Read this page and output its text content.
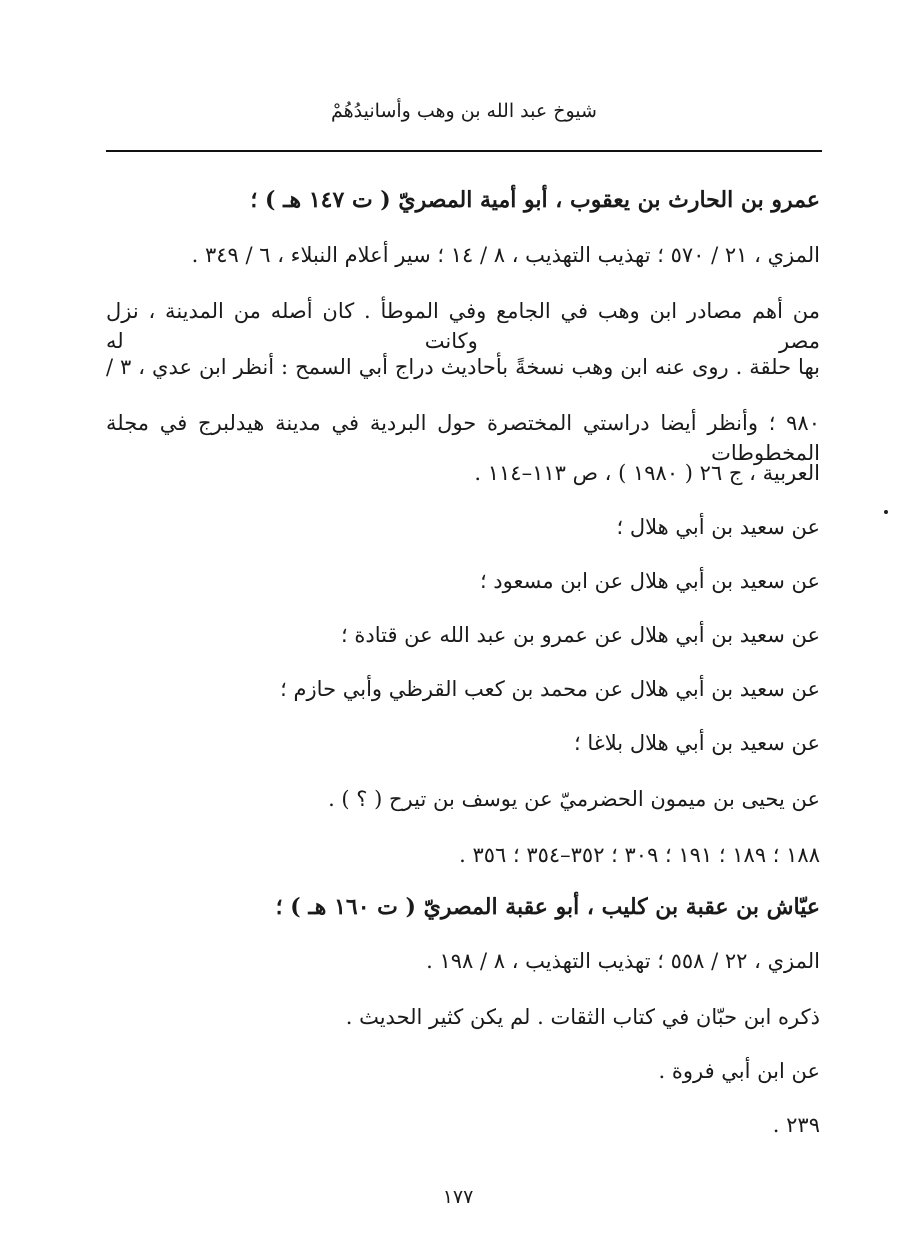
شيوخ عبد الله بن وهب وأسانيدُهُمْ
عمرو بن الحارث بن يعقوب ، أبو أمية المصريّ ( ت ١٤٧ هـ ) ؛
المزي ، ٢١ / ٥٧٠ ؛ تهذيب التهذيب ، ٨ / ١٤ ؛ سير أعلام النبلاء ، ٦ / ٣٤٩ .
من أهم مصادر ابن وهب في الجامع وفي الموطأ . كان أصله من المدينة ، نزل مصر وكانت له
بها حلقة . روى عنه ابن وهب نسخةً بأحاديث دراج أبي السمح : أنظر ابن عدي ، ٣ /
٩٨٠ ؛ وأنظر أيضا دراستي المختصرة حول البردية في مدينة هيدلبرج في مجلة المخطوطات
العربية ، ج ٢٦ ( ١٩٨٠ ) ، ص ١١٣–١١٤ .
عن سعيد بن أبي هلال ؛
عن سعيد بن أبي هلال عن ابن مسعود ؛
عن سعيد بن أبي هلال عن عمرو بن عبد الله عن قتادة ؛
عن سعيد بن أبي هلال عن محمد بن كعب القرظي وأبي حازم ؛
عن سعيد بن أبي هلال بلاغا ؛
عن يحيى بن ميمون الحضرميّ عن يوسف بن تيرح ( ؟ ) .
١٨٨ ؛ ١٨٩ ؛ ١٩١ ؛ ٣٠٩ ؛ ٣٥٢–٣٥٤ ؛ ٣٥٦ .
عيّاش بن عقبة بن كليب ، أبو عقبة المصريّ ( ت ١٦٠ هـ ) ؛
المزي ، ٢٢ / ٥٥٨ ؛ تهذيب التهذيب ، ٨ / ١٩٨ .
ذكره ابن حبّان في كتاب الثقات . لم يكن كثير الحديث .
عن ابن أبي فروة .
٢٣٩ .
١٧٧
